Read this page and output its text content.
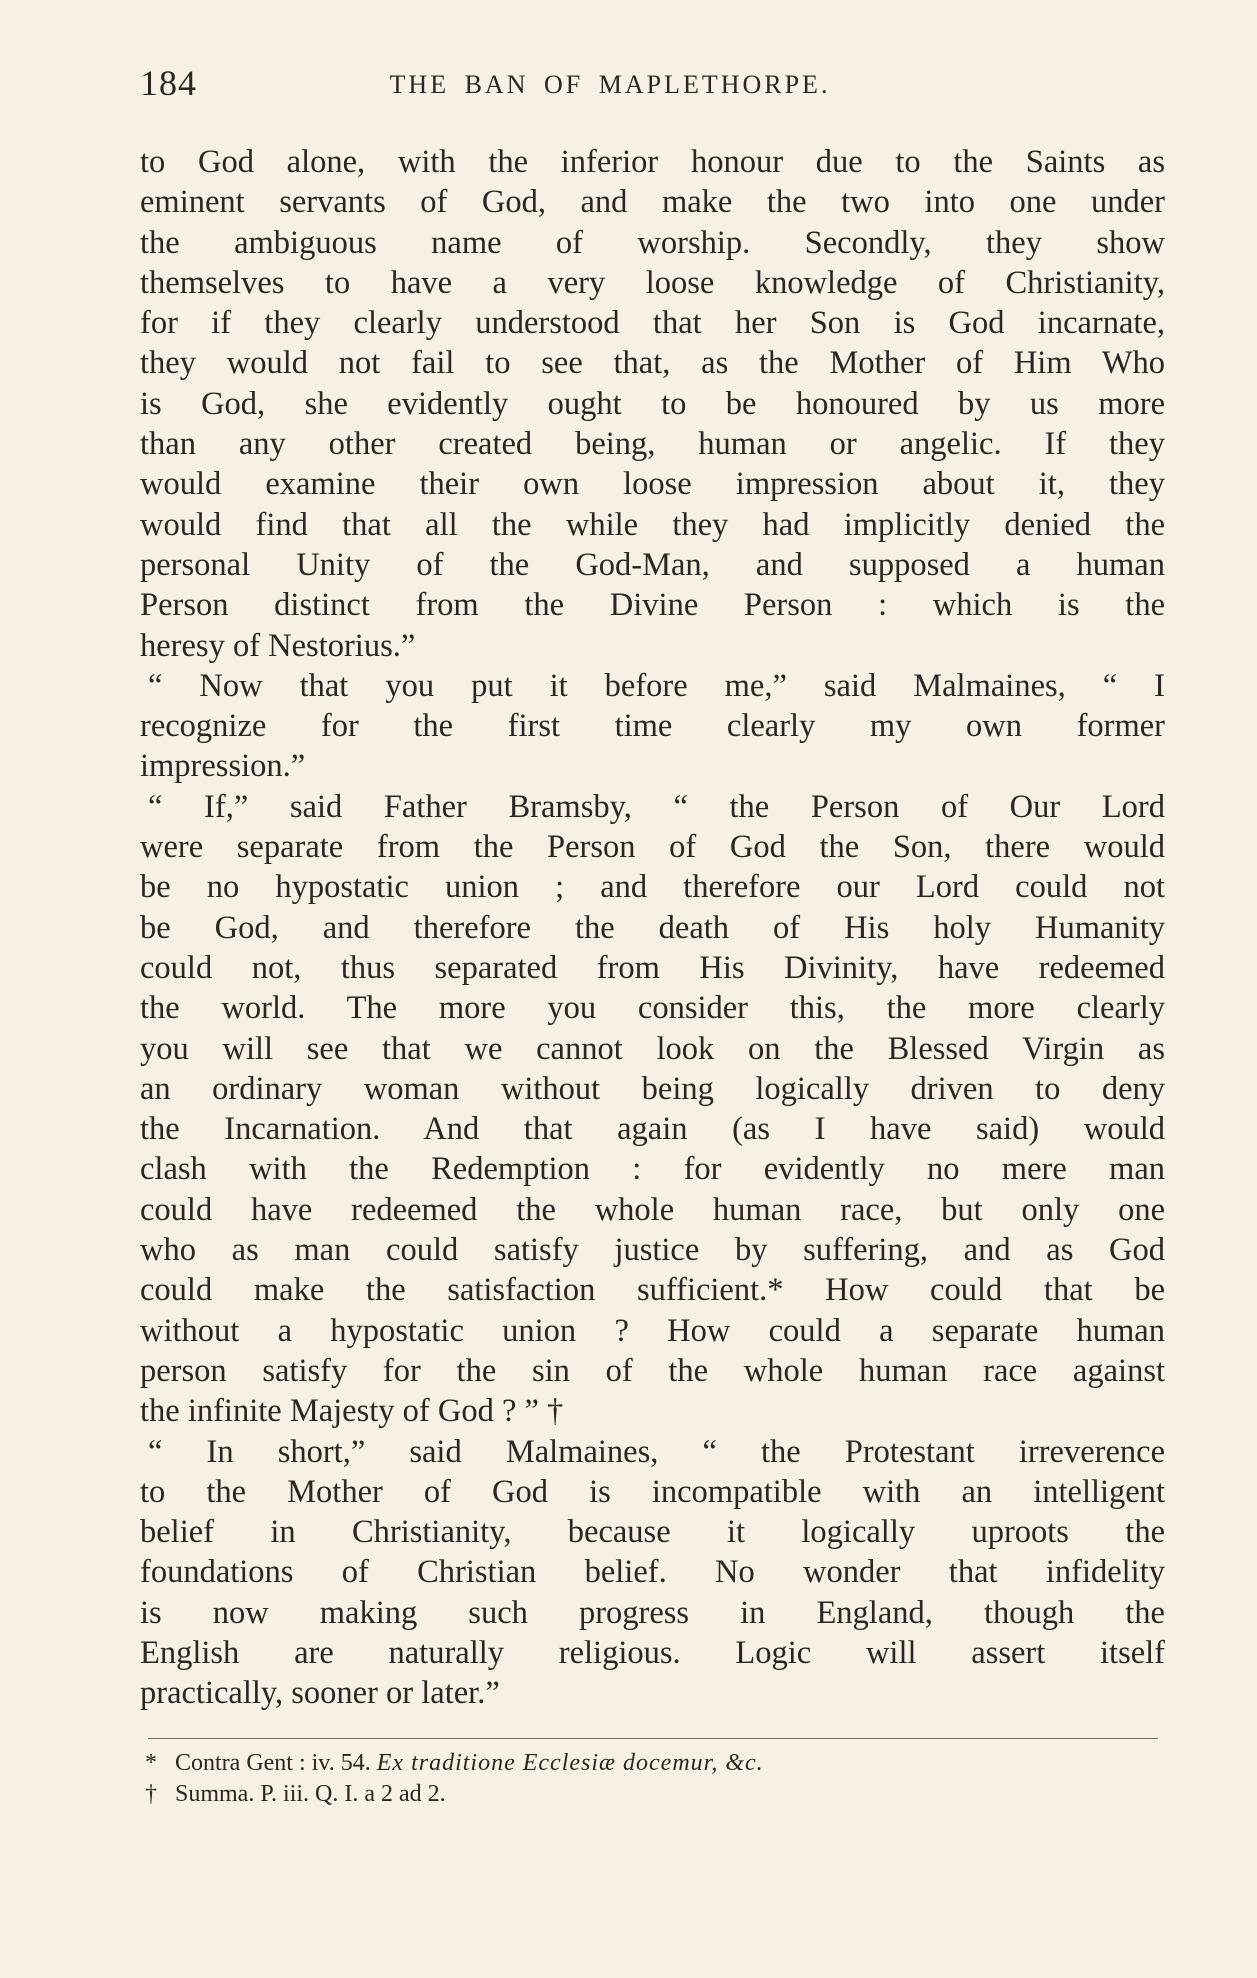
184	THE BAN OF MAPLETHORPE.
to God alone, with the inferior honour due to the Saints as
eminent servants of God, and make the two into one under
the ambiguous name of worship. Secondly, they show
themselves to have a very loose knowledge of Christianity,
for if they clearly understood that her Son is God incarnate,
they would not fail to see that, as the Mother of Him Who
is God, she evidently ought to be honoured by us more
than any other created being, human or angelic. If they
would examine their own loose impression about it, they
would find that all the while they had implicitly denied the
personal Unity of the God-Man, and supposed a human
Person distinct from the Divine Person : which is the
heresy of Nestorius.”
“ Now that you put it before me,” said Malmaines, “ I
recognize for the first time clearly my own former
impression.”
“ If,” said Father Bramsby, “ the Person of Our Lord
were separate from the Person of God the Son, there would
be no hypostatic union ; and therefore our Lord could not
be God, and therefore the death of His holy Humanity
could not, thus separated from His Divinity, have redeemed
the world. The more you consider this, the more clearly
you will see that we cannot look on the Blessed Virgin as
an ordinary woman without being logically driven to deny
the Incarnation. And that again (as I have said) would
clash with the Redemption : for evidently no mere man
could have redeemed the whole human race, but only one
who as man could satisfy justice by suffering, and as God
could make the satisfaction sufficient.* How could that be
without a hypostatic union ? How could a separate human
person satisfy for the sin of the whole human race against
the infinite Majesty of God ? ” †
“ In short,” said Malmaines, “ the Protestant irreverence
to the Mother of God is incompatible with an intelligent
belief in Christianity, because it logically uproots the
foundations of Christian belief. No wonder that infidelity
is now making such progress in England, though the
English are naturally religious. Logic will assert itself
practically, sooner or later.”
* Contra Gent : iv. 54. Ex traditione Ecclesiæ docemur, &c.
† Summa. P. iii. Q. I. a 2 ad 2.
